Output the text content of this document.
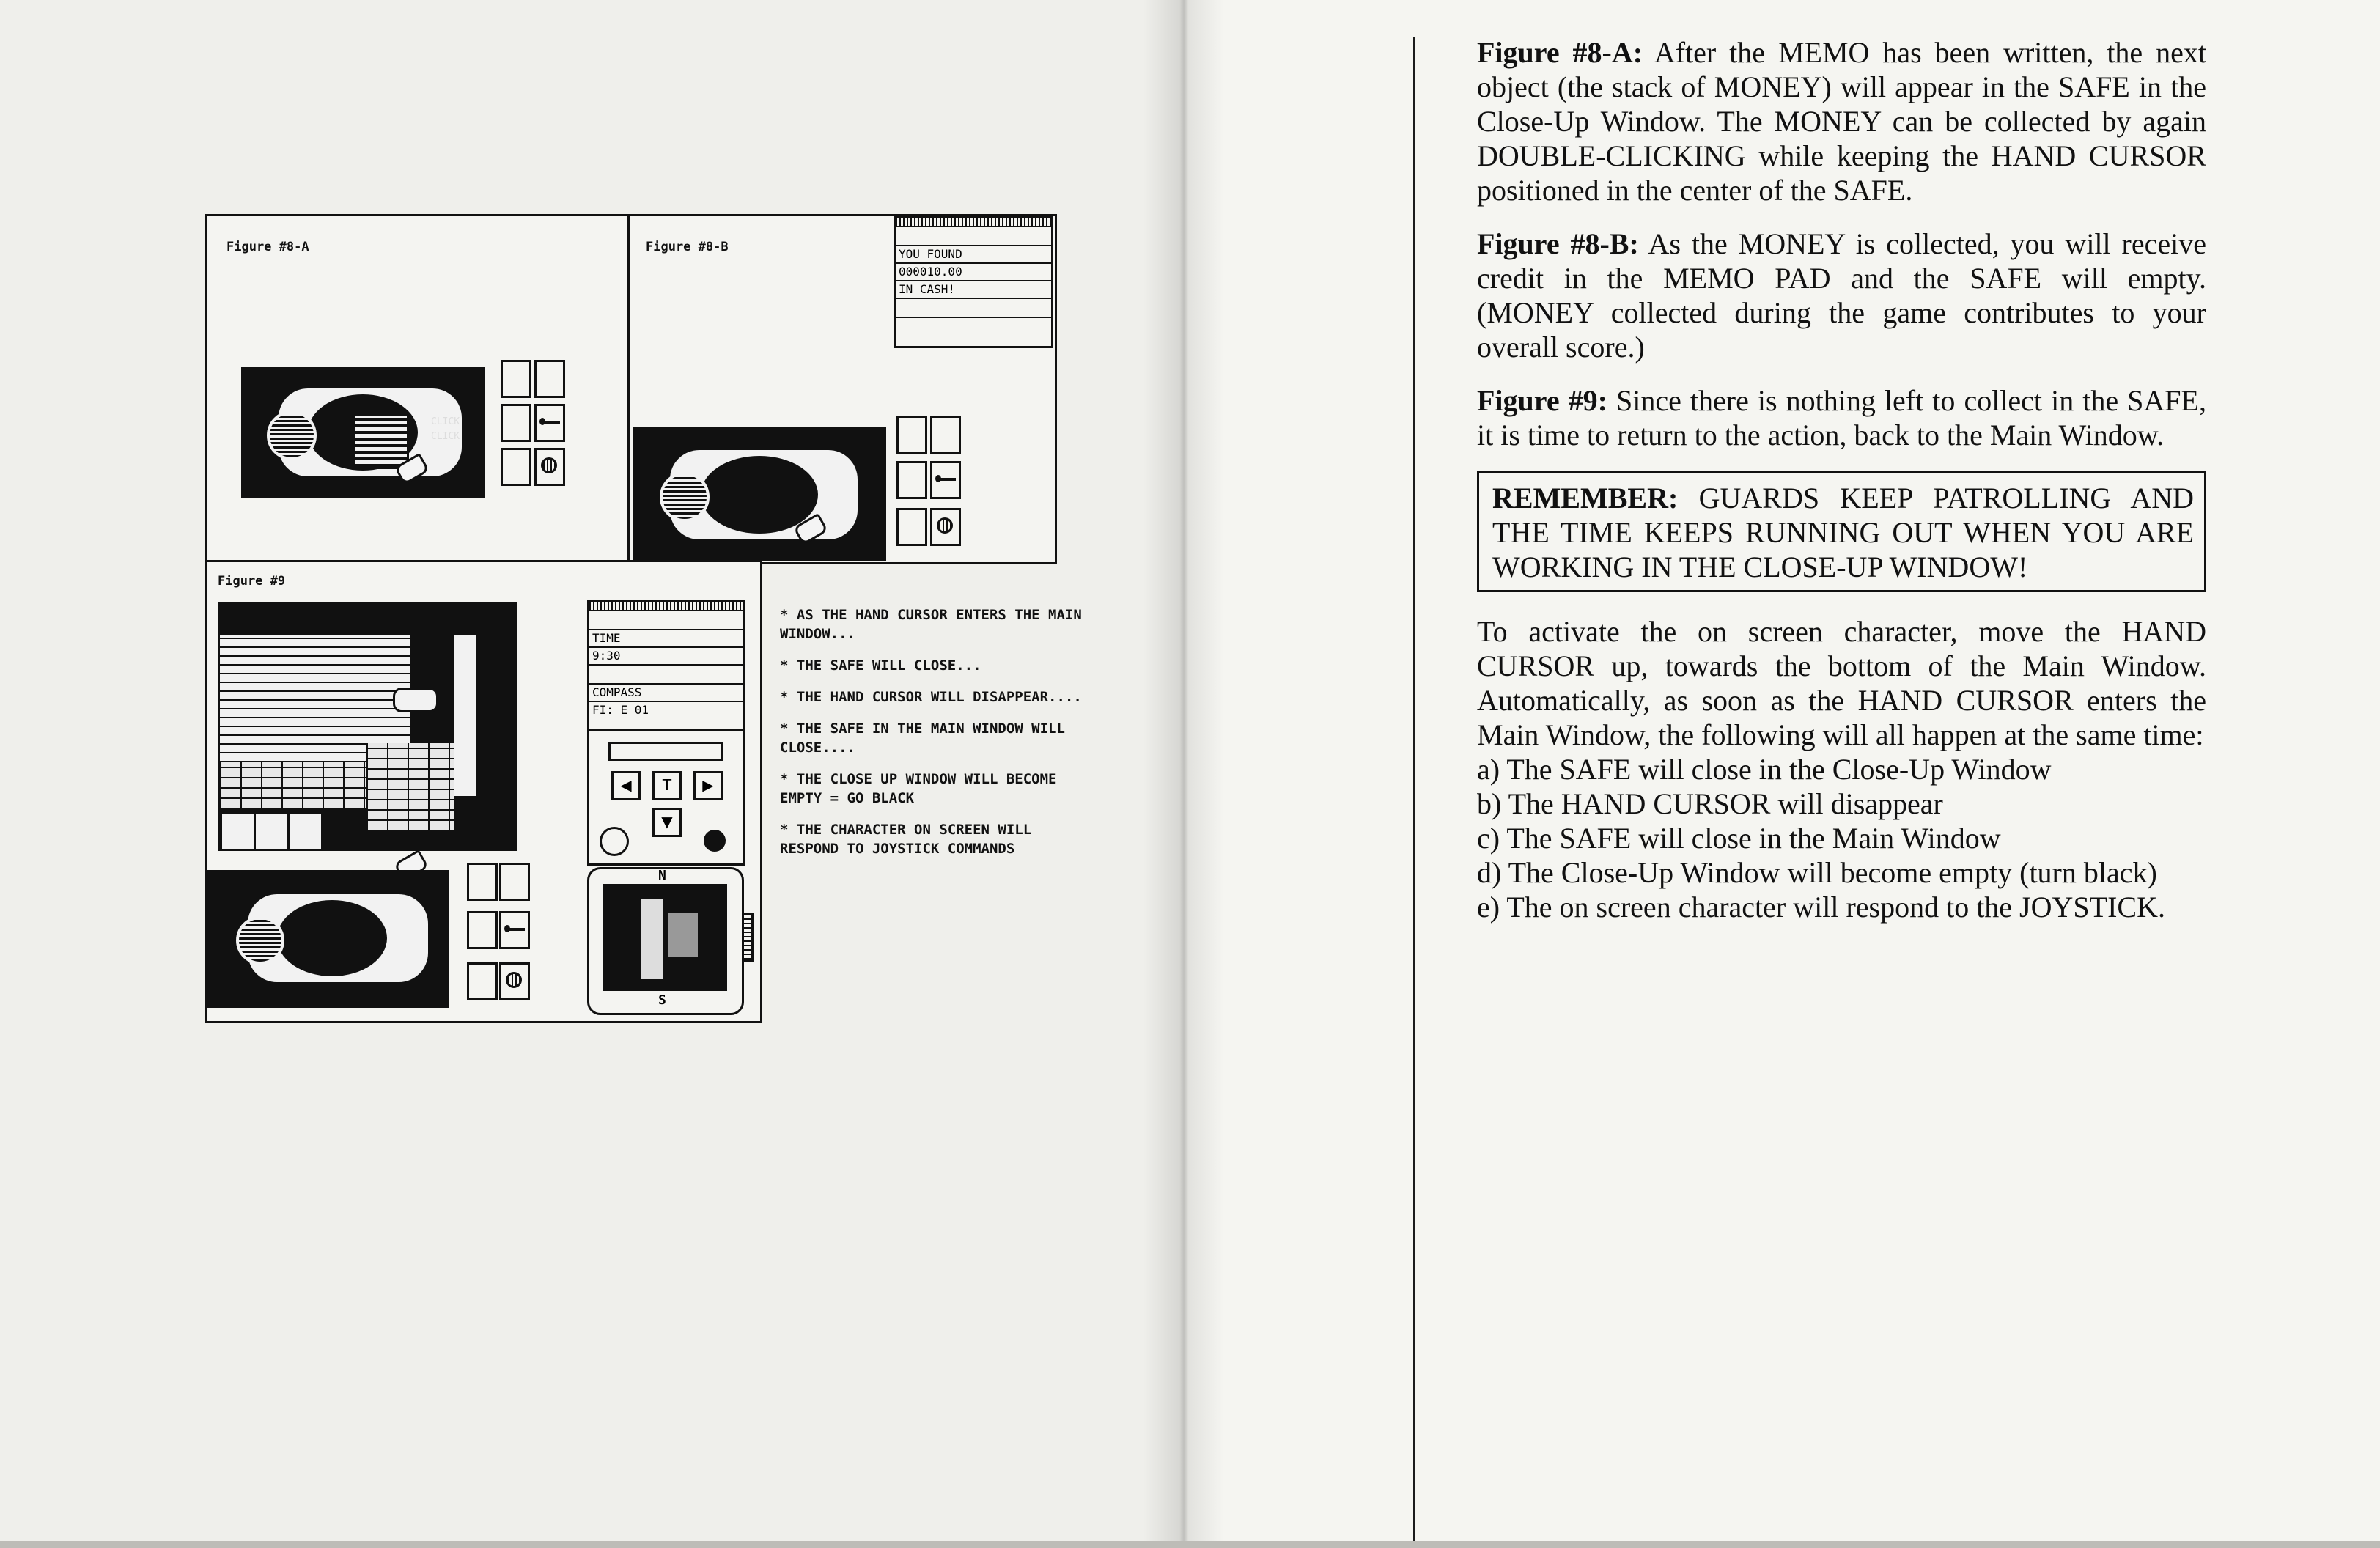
Figure #8-A
CLICK CLICK
Figure #8-B	YOU FOUND
000010.00
IN CASH!
Figure #9
TIME
9:30
COMPASS
FI: E 01
◀	T	▶
▼
N
S

* AS THE HAND CURSOR ENTERS THE MAIN WINDOW...

* THE SAFE WILL CLOSE...

* THE HAND CURSOR WILL DISAPPEAR....

* THE SAFE IN THE MAIN WINDOW WILL CLOSE....

* THE CLOSE UP WINDOW WILL BECOME EMPTY = GO BLACK

* THE CHARACTER ON SCREEN WILL RESPOND TO JOYSTICK COMMANDS

Figure #8-A: After the MEMO has been written, the next object (the stack of MONEY) will appear in the SAFE in the Close-Up Window. The MONEY can be collected by again DOUBLE-CLICKING while keeping the HAND CURSOR positioned in the center of the SAFE.

Figure #8-B: As the MONEY is collected, you will receive credit in the MEMO PAD and the SAFE will empty. (MONEY collected during the game contributes to your overall score.)

Figure #9: Since there is nothing left to collect in the SAFE, it is time to return to the action, back to the Main Window.

REMEMBER: GUARDS KEEP PATROLLING AND THE TIME KEEPS RUNNING OUT WHEN YOU ARE WORKING IN THE CLOSE-UP WINDOW!

To activate the on screen character, move the HAND CURSOR up, towards the bottom of the Main Window. Automatically, as soon as the HAND CURSOR enters the Main Window, the following will all happen at the same time:

a) The SAFE will close in the Close-Up Window

b) The HAND CURSOR will disappear

c) The SAFE will close in the Main Window

d) The Close-Up Window will become empty (turn black)

e) The on screen character will respond to the JOYSTICK.
